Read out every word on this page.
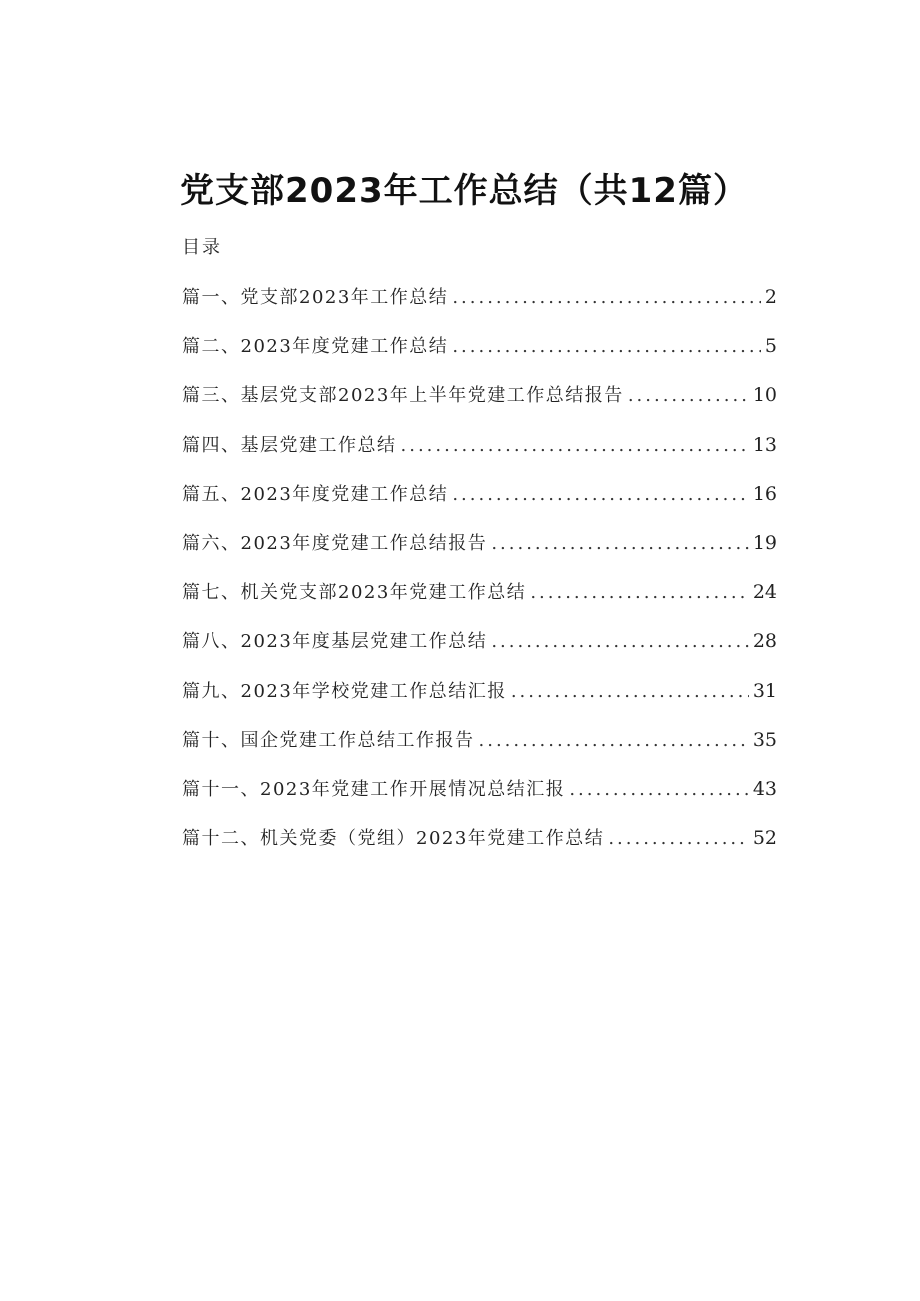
党支部2023年工作总结（共12篇）
目录
篇一、党支部2023年工作总结 .....	2
篇二、2023年度党建工作总结 .....	5
篇三、基层党支部2023年上半年党建工作总结报告 .....	10
篇四、基层党建工作总结 .....	13
篇五、2023年度党建工作总结 .....	16
篇六、2023年度党建工作总结报告 .....	19
篇七、机关党支部2023年党建工作总结 .....	24
篇八、2023年度基层党建工作总结 .....	28
篇九、2023年学校党建工作总结汇报 .....	31
篇十、国企党建工作总结工作报告 .....	35
篇十一、2023年党建工作开展情况总结汇报 .....	43
篇十二、机关党委（党组）2023年党建工作总结 .....	52
